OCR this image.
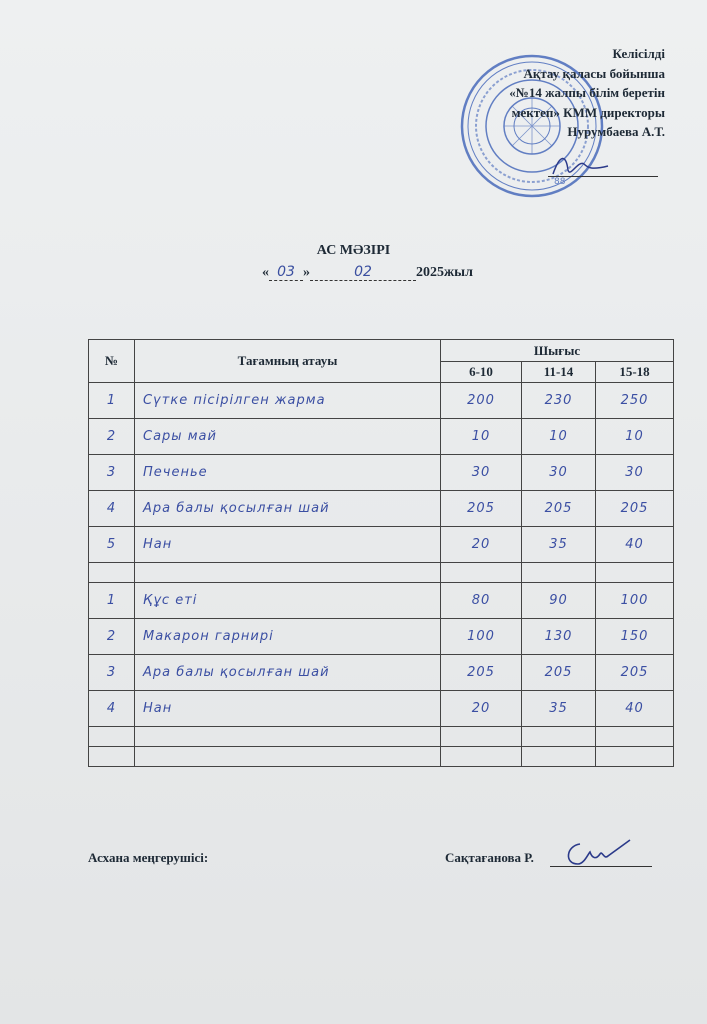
88
Келісілді
Ақтау қаласы бойынша
«№14 жалпы білім беретін
мектеп» КММ директоры
Нурумбаева А.Т.
АС МӘЗІРІ
« 03 »	02	2025жыл
№	Тағамның атауы	Шығыс		
		6-10	11-14	15-18
1	Сүтке пісірілген жарма	200	230	250
2	Сары май	10	10	10
3	Печенье	30	30	30
4	Ара балы қосылған шай	205	205	205
5	Нан	20	35	40

1	Құс еті	80	90	100
2	Макарон гарнирі	100	130	150
3	Ара балы қосылған шай	205	205	205
4	Нан	20	35	40

Асхана меңгерушісі:	Сақтағанова Р.
